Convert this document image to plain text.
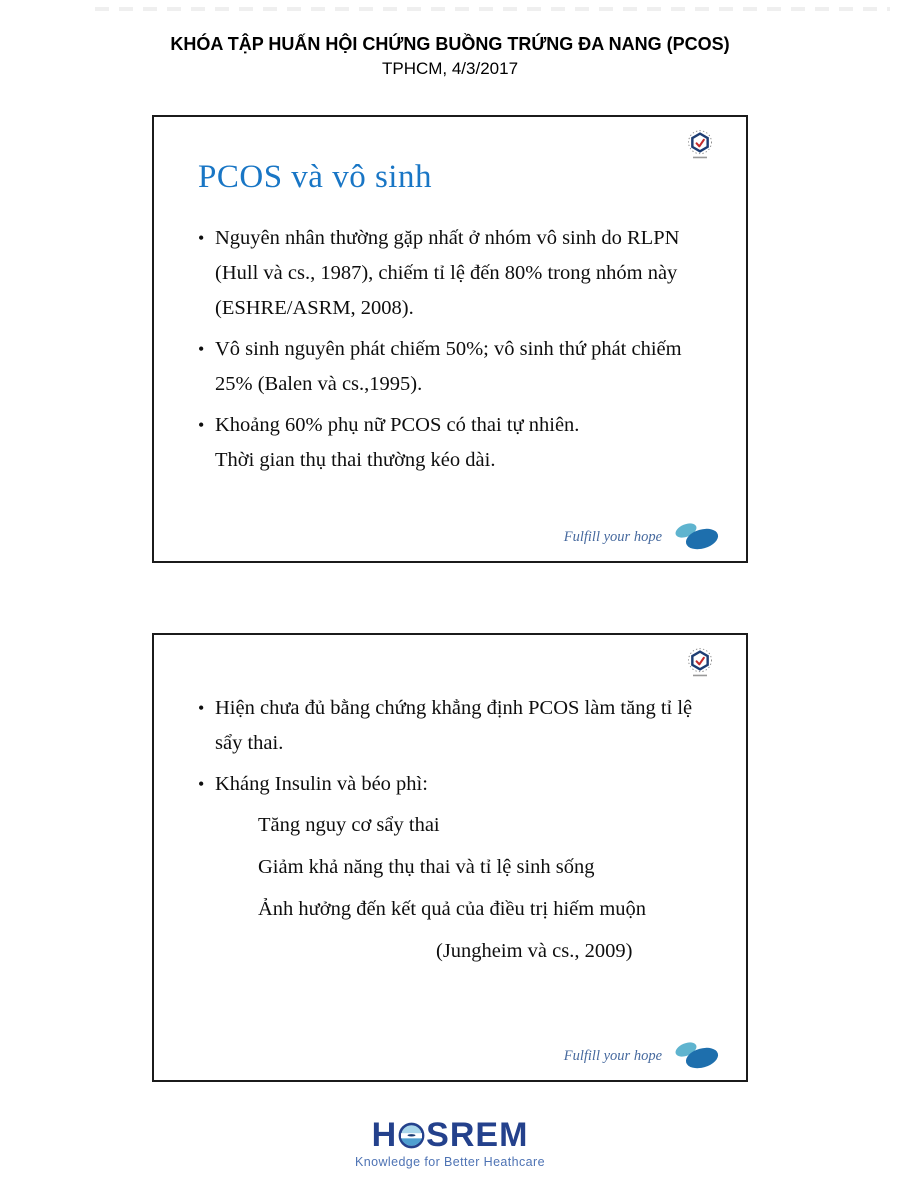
KHÓA TẬP HUẤN HỘI CHỨNG BUỒNG TRỨNG ĐA NANG (PCOS)
TPHCM, 4/3/2017
PCOS và vô sinh
• Nguyên nhân thường gặp nhất ở nhóm vô sinh do RLPN (Hull và cs., 1987), chiếm tỉ lệ đến 80% trong nhóm này (ESHRE/ASRM, 2008).
• Vô sinh nguyên phát chiếm 50%; vô sinh thứ phát chiếm 25% (Balen và cs.,1995).
• Khoảng 60% phụ nữ PCOS có thai tự nhiên.
Thời gian thụ thai thường kéo dài.
Fulfill your hope
• Hiện chưa đủ bằng chứng khẳng định PCOS làm tăng tỉ lệ sẩy thai.
• Kháng Insulin và béo phì:
Tăng nguy cơ sẩy thai
Giảm khả năng thụ thai và tỉ lệ sinh sống
Ảnh hưởng đến kết quả của điều trị hiếm muộn
(Jungheim và cs., 2009)
Fulfill your hope
H SREM
Knowledge for Better Heathcare
